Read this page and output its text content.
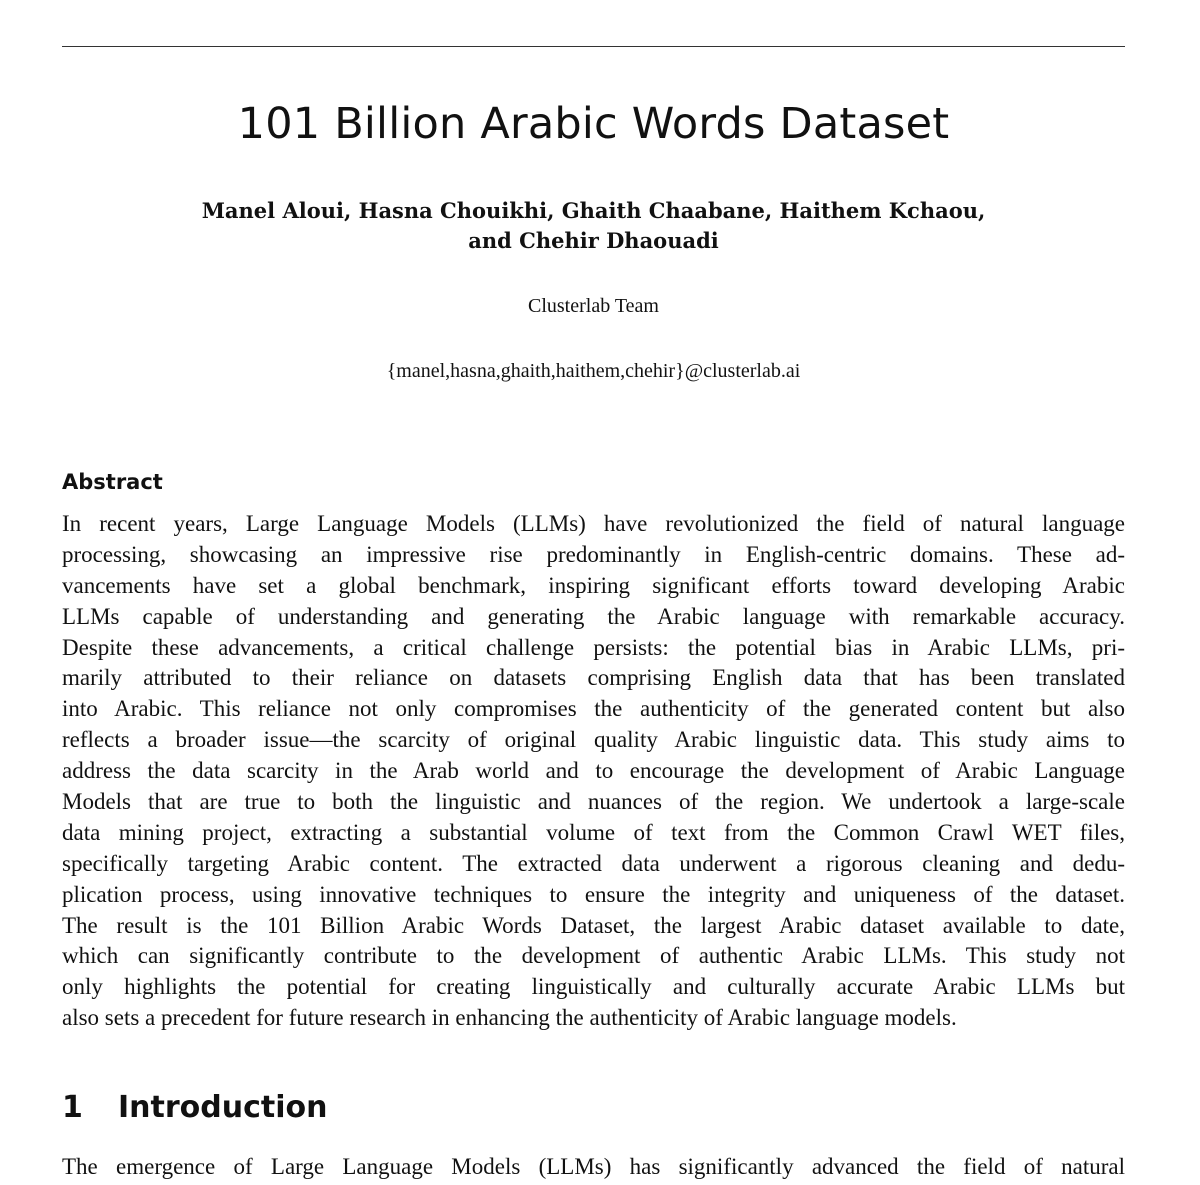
101 Billion Arabic Words Dataset
Manel Aloui, Hasna Chouikhi, Ghaith Chaabane, Haithem Kchaou,
and Chehir Dhaouadi
Clusterlab Team
{manel,hasna,ghaith,haithem,chehir}@clusterlab.ai
Abstract
In recent years, Large Language Models (LLMs) have revolutionized the field of natural language
processing, showcasing an impressive rise predominantly in English-centric domains. These ad-
vancements have set a global benchmark, inspiring significant efforts toward developing Arabic
LLMs capable of understanding and generating the Arabic language with remarkable accuracy.
Despite these advancements, a critical challenge persists: the potential bias in Arabic LLMs, pri-
marily attributed to their reliance on datasets comprising English data that has been translated
into Arabic. This reliance not only compromises the authenticity of the generated content but also
reflects a broader issue—the scarcity of original quality Arabic linguistic data. This study aims to
address the data scarcity in the Arab world and to encourage the development of Arabic Language
Models that are true to both the linguistic and nuances of the region. We undertook a large-scale
data mining project, extracting a substantial volume of text from the Common Crawl WET files,
specifically targeting Arabic content. The extracted data underwent a rigorous cleaning and dedu-
plication process, using innovative techniques to ensure the integrity and uniqueness of the dataset.
The result is the 101 Billion Arabic Words Dataset, the largest Arabic dataset available to date,
which can significantly contribute to the development of authentic Arabic LLMs. This study not
only highlights the potential for creating linguistically and culturally accurate Arabic LLMs but
also sets a precedent for future research in enhancing the authenticity of Arabic language models.
1 Introduction
The emergence of Large Language Models (LLMs) has significantly advanced the field of natural
